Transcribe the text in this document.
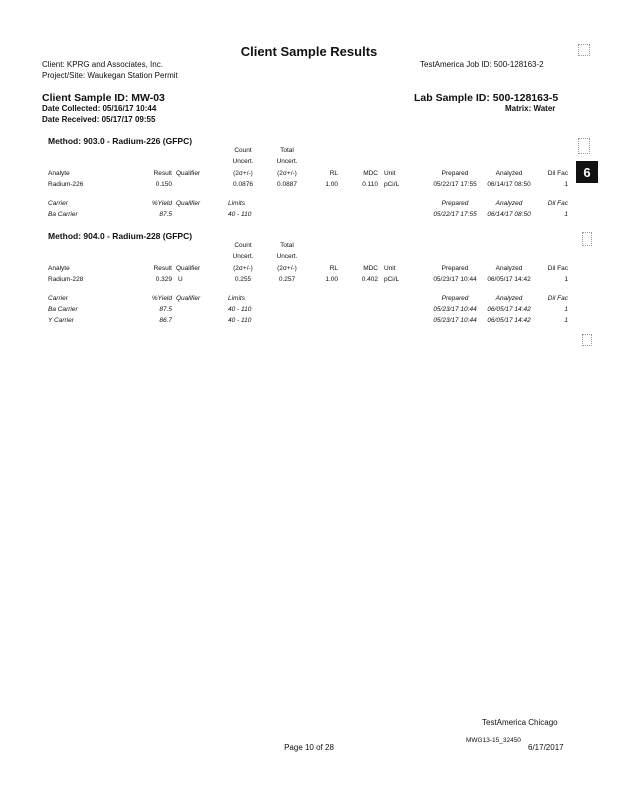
Client Sample Results
Client: KPRG and Associates, Inc.
Project/Site: Waukegan Station Permit
TestAmerica Job ID: 500-128163-2
Client Sample ID: MW-03	Lab Sample ID: 500-128163-5
Date Collected: 05/16/17 10:44	Matrix: Water
Date Received: 05/17/17 09:55
6
Method: 903.0 - Radium-226 (GFPC)
Count	Total
Uncert.	Uncert.
Analyte	Result Qualifier	(2σ+/-)	(2σ+/-)	RL	MDC Unit	Prepared	Analyzed	Dil Fac
Radium-226	0.150	0.0876	0.0887	1.00	0.110 pCi/L	05/22/17 17:55	06/14/17 08:50	1
Carrier	%Yield Qualifier	Limits	Prepared	Analyzed	Dil Fac
Ba Carrier	87.5	40 - 110	05/22/17 17:55	06/14/17 08:50	1
Method: 904.0 - Radium-228 (GFPC)
Count	Total
Uncert.	Uncert.
Analyte	Result Qualifier	(2σ+/-)	(2σ+/-)	RL	MDC Unit	Prepared	Analyzed	Dil Fac
Radium-228	0.329 U	0.255	0.257	1.00	0.402 pCi/L	05/23/17 10:44	06/05/17 14:42	1
Carrier	%Yield Qualifier	Limits	Prepared	Analyzed	Dil Fac
Ba Carrier	87.5	40 - 110	05/23/17 10:44	06/05/17 14:42	1
Y Carrier	86.7	40 - 110	05/23/17 10:44	06/05/17 14:42	1
TestAmerica Chicago
MWG13-15_32450
Page 10 of 28	6/17/2017
